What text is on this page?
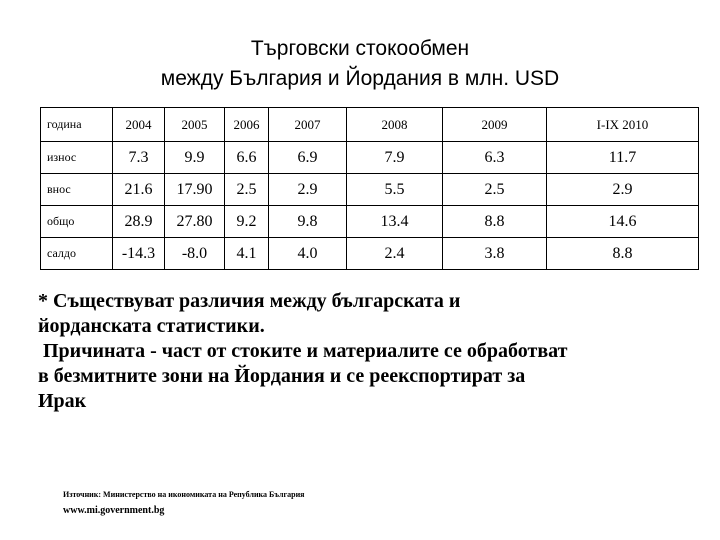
Търговски стокообмен
между България и Йордания в млн. USD
година	2004	2005	2006	2007	2008	2009	I-IX 2010
износ	7.3	9.9	6.6	6.9	7.9	6.3	11.7
внос	21.6	17.90	2.5	2.9	5.5	2.5	2.9
общо	28.9	27.80	9.2	9.8	13.4	8.8	14.6
салдо	-14.3	-8.0	4.1	4.0	2.4	3.8	8.8
* Съществуват различия между българската и
йорданската статистики.
Причината - част от стоките и материалите се обработват
в безмитните зони на Йордания и се реекспортират за
Ирак
Източник: Министерство на икономиката на Република България
www.mi.government.bg
